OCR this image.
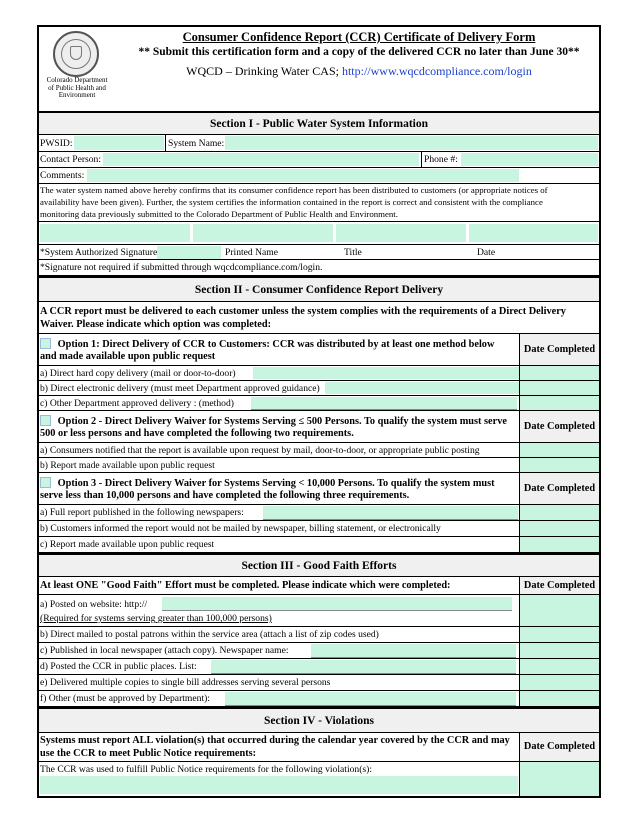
Colorado Department of Public Health and Environment
Consumer Confidence Report (CCR) Certificate of Delivery Form
** Submit this certification form and a copy of the delivered CCR no later than June 30**
WQCD – Drinking Water CAS; http://www.wqcdcompliance.com/login
Section I - Public Water System Information
PWSID:	System Name:
Contact Person:	Phone #:
Comments:
The water system named above hereby confirms that its consumer confidence report has been distributed to customers (or appropriate notices of
availability have been given). Further, the system certifies the information contained in the report is correct and consistent with the compliance
monitoring data previously submitted to the Colorado Department of Public Health and Environment.
*System Authorized Signature	Printed Name	Title	Date
*Signature not required if submitted through wqcdcompliance.com/login.
Section II - Consumer Confidence Report Delivery
A CCR report must be delivered to each customer unless the system complies with the requirements of a Direct Delivery
Waiver. Please indicate which option was completed:
Option 1: Direct Delivery of CCR to Customers: CCR was distributed by at least one method below
and made available upon public request
Date Completed
a) Direct hard copy delivery (mail or door-to-door)
b) Direct electronic delivery (must meet Department approved guidance)
c) Other Department approved delivery : (method)
Option 2 - Direct Delivery Waiver for Systems Serving ≤ 500 Persons. To qualify the system must serve
500 or less persons and have completed the following two requirements.
Date Completed
a) Consumers notified that the report is available upon request by mail, door-to-door, or appropriate public posting
b) Report made available upon public request
Option 3 - Direct Delivery Waiver for Systems Serving < 10,000 Persons. To qualify the system must
serve less than 10,000 persons and have completed the following three requirements.
Date Completed
a) Full report published in the following newspapers:
b) Customers informed the report would not be mailed by newspaper, billing statement, or electronically
c) Report made available upon public request
Section III - Good Faith Efforts
At least ONE "Good Faith" Effort must be completed. Please indicate which were completed:	Date Completed
a) Posted on website: http://
(Required for systems serving greater than 100,000 persons)
b) Direct mailed to postal patrons within the service area (attach a list of zip codes used)
c) Published in local newspaper (attach copy). Newspaper name:
d) Posted the CCR in public places. List:
e) Delivered multiple copies to single bill addresses serving several persons
f) Other (must be approved by Department):
Section IV - Violations
Systems must report ALL violation(s) that occurred during the calendar year covered by the CCR and may
use the CCR to meet Public Notice requirements:
Date Completed
The CCR was used to fulfill Public Notice requirements for the following violation(s):
